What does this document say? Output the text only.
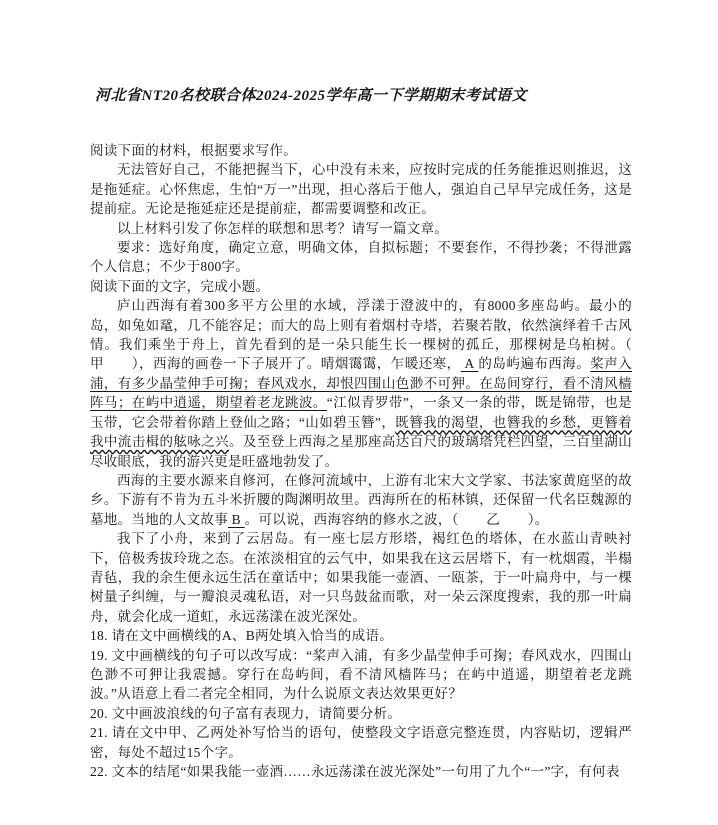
河北省NT20名校联合体2024-2025学年高一下学期期末考试语文

阅读下面的材料，根据要求写作。

无法管好自己，不能把握当下，心中没有未来，应按时完成的任务能推迟则推迟，这是拖延症。心怀焦虑，生怕“万一”出现，担心落后于他人，强迫自己早早完成任务，这是提前症。无论是拖延症还是提前症，都需要调整和改正。

以上材料引发了你怎样的联想和思考？请写一篇文章。

要求：选好角度，确定立意，明确文体，自拟标题；不要套作，不得抄袭；不得泄露个人信息；不少于800字。

阅读下面的文字，完成小题。

庐山西海有着300多平方公里的水域，浮漾于澄波中的，有8000多座岛屿。最小的岛，如兔如鼋，几不能容足；而大的岛上则有着烟村寺塔，若聚若散，依然演绎着千古风情。我们乘坐于舟上，首先看到的是一朵只能生长一棵树的孤丘，那棵树是乌桕树。（　　甲　　），西海的画卷一下子展开了。晴烟霭霭，乍暖还寒， A 的岛屿遍布西海。桨声入浦，有多少晶莹伸手可掬；春风戏水，却恨四围山色渺不可狎。在岛间穿行，看不清风樯阵马；在屿中逍遥，期望着老龙跳波。“江似青罗带”，一条又一条的带，既是锦带，也是玉带，它会带着你踏上登仙之路；“山如碧玉簪”，既簪我的渴望，也簪我的乡愁，更簪着我中流击楫的舷咏之兴。及至登上西海之星那座高达百尺的玻璃塔凭栏四望，三百里湖山尽收眼底，我的游兴更是旺盛地勃发了。

西海的主要水源来自修河，在修河流域中，上游有北宋大文学家、书法家黄庭坚的故乡。下游有不肯为五斗米折腰的陶渊明故里。西海所在的柘林镇，还保留一代名臣魏源的墓地。当地的人文故事 B 。可以说，西海容纳的修水之波，（　　乙　　）。

我下了小舟，来到了云居岛。有一座七层方形塔，褐红色的塔体，在水蓝山青映衬下，倍极秀拔玲珑之态。在浓淡相宜的云气中，如果我在这云居塔下，有一枕烟霞，半榻青毡，我的余生便永远生活在童话中；如果我能一壶酒、一瓯茶，于一叶扁舟中，与一棵树量子纠缠，与一瓣浪灵魂私语，对一只鸟鼓盆而歌，对一朵云深度搜索，我的那一叶扁舟，就会化成一道虹，永远荡漾在波光深处。

18. 请在文中画横线的A、B两处填入恰当的成语。

19. 文中画横线的句子可以改写成：“桨声入浦，有多少晶莹伸手可掬；春风戏水，四围山色渺不可狎让我震撼。穿行在岛屿间，看不清风樯阵马；在屿中逍遥，期望着老龙跳波。”从语意上看二者完全相同，为什么说原文表达效果更好？

20. 文中画波浪线的句子富有表现力，请简要分析。

21. 请在文中甲、乙两处补写恰当的语句，使整段文字语意完整连贯，内容贴切，逻辑严密，每处不超过15个字。

22. 文本的结尾“如果我能一壶酒……永远荡漾在波光深处”一句用了九个“一”字，有何表
